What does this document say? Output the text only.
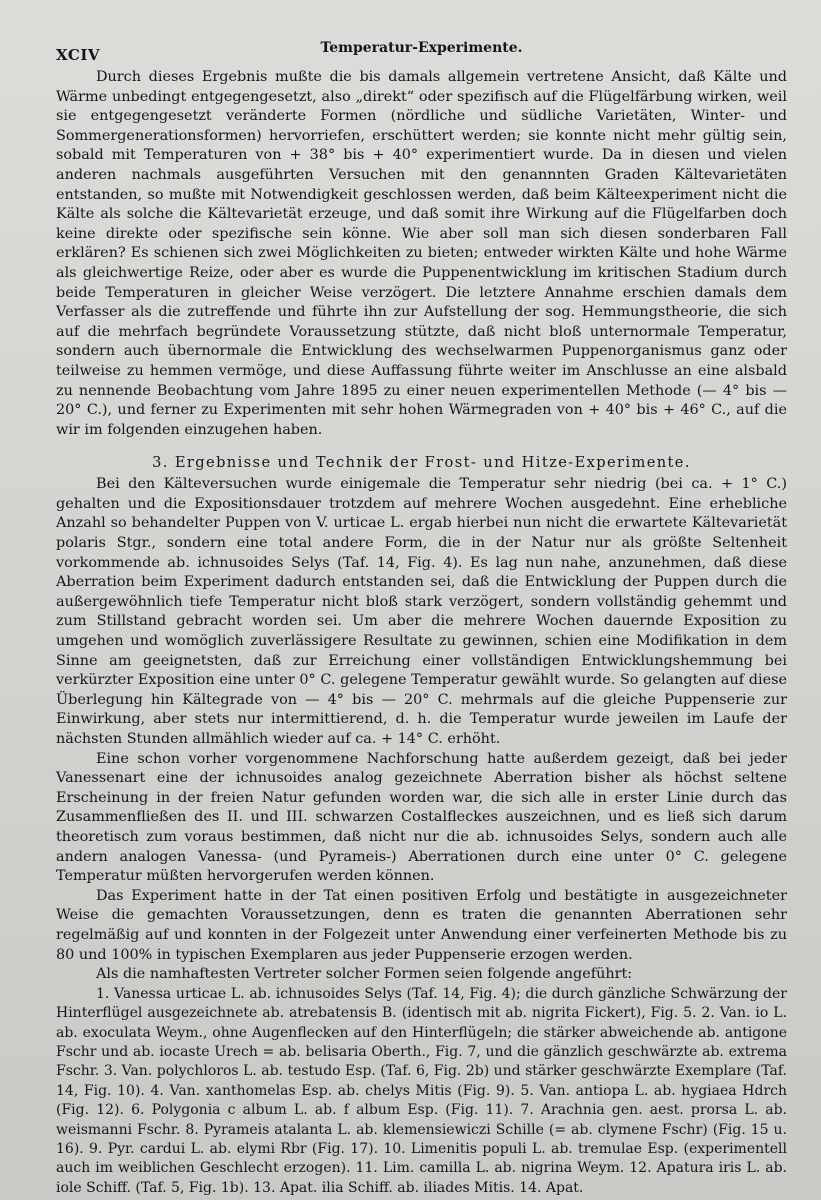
XCIV	Temperatur-Experimente.

Durch dieses Ergebnis mußte die bis damals allgemein vertretene Ansicht, daß Kälte und Wärme unbedingt entgegengesetzt, also „direkt“ oder spezifisch auf die Flügelfärbung wirken, weil sie entgegengesetzt veränderte Formen (nördliche und südliche Varietäten, Winter- und Sommergenerationsformen) hervorriefen, erschüttert werden; sie konnte nicht mehr gültig sein, sobald mit Temperaturen von + 38° bis + 40° experimentiert wurde. Da in diesen und vielen anderen nachmals ausgeführten Versuchen mit den genannnten Graden Kältevarietäten entstanden, so mußte mit Notwendigkeit geschlossen werden, daß beim Kälteexperiment nicht die Kälte als solche die Kältevarietät erzeuge, und daß somit ihre Wirkung auf die Flügelfarben doch keine direkte oder spezifische sein könne. Wie aber soll man sich diesen sonderbaren Fall erklären? Es schienen sich zwei Möglichkeiten zu bieten; entweder wirkten Kälte und hohe Wärme als gleichwertige Reize, oder aber es wurde die Puppenentwicklung im kritischen Stadium durch beide Temperaturen in gleicher Weise verzögert. Die letztere Annahme erschien damals dem Verfasser als die zutreffende und führte ihn zur Aufstellung der sog. Hemmungstheorie, die sich auf die mehrfach begründete Voraussetzung stützte, daß nicht bloß unternormale Temperatur, sondern auch übernormale die Entwicklung des wechselwarmen Puppenorganismus ganz oder teilweise zu hemmen vermöge, und diese Auffassung führte weiter im Anschlusse an eine alsbald zu nennende Beobachtung vom Jahre 1895 zu einer neuen experimentellen Methode (— 4° bis — 20° C.), und ferner zu Experimenten mit sehr hohen Wärmegraden von + 40° bis + 46° C., auf die wir im folgenden einzugehen haben.

3. Ergebnisse und Technik der Frost- und Hitze-Experimente.

Bei den Kälteversuchen wurde einigemale die Temperatur sehr niedrig (bei ca. + 1° C.) gehalten und die Expositionsdauer trotzdem auf mehrere Wochen ausgedehnt. Eine erhebliche Anzahl so behandelter Puppen von V. urticae L. ergab hierbei nun nicht die erwartete Kältevarietät polaris Stgr., sondern eine total andere Form, die in der Natur nur als größte Seltenheit vorkommende ab. ichnusoides Selys (Taf. 14, Fig. 4). Es lag nun nahe, anzunehmen, daß diese Aberration beim Experiment dadurch entstanden sei, daß die Entwicklung der Puppen durch die außergewöhnlich tiefe Temperatur nicht bloß stark verzögert, sondern vollständig gehemmt und zum Stillstand gebracht worden sei. Um aber die mehrere Wochen dauernde Exposition zu umgehen und womöglich zuverlässigere Resultate zu gewinnen, schien eine Modifikation in dem Sinne am geeignetsten, daß zur Erreichung einer vollständigen Entwicklungshemmung bei verkürzter Exposition eine unter 0° C. gelegene Temperatur gewählt wurde. So gelangten auf diese Überlegung hin Kältegrade von — 4° bis — 20° C. mehrmals auf die gleiche Puppenserie zur Einwirkung, aber stets nur intermittierend, d. h. die Temperatur wurde jeweilen im Laufe der nächsten Stunden allmählich wieder auf ca. + 14° C. erhöht.

Eine schon vorher vorgenommene Nachforschung hatte außerdem gezeigt, daß bei jeder Vanessenart eine der ichnusoides analog gezeichnete Aberration bisher als höchst seltene Erscheinung in der freien Natur gefunden worden war, die sich alle in erster Linie durch das Zusammenfließen des II. und III. schwarzen Costalfleckes auszeichnen, und es ließ sich darum theoretisch zum voraus bestimmen, daß nicht nur die ab. ichnusoides Selys, sondern auch alle andern analogen Vanessa- (und Pyrameis-) Aberrationen durch eine unter 0° C. gelegene Temperatur müßten hervorgerufen werden können.

Das Experiment hatte in der Tat einen positiven Erfolg und bestätigte in ausgezeichneter Weise die gemachten Voraussetzungen, denn es traten die genannten Aberrationen sehr regelmäßig auf und konnten in der Folgezeit unter Anwendung einer verfeinerten Methode bis zu 80 und 100% in typischen Exemplaren aus jeder Puppenserie erzogen werden.

Als die namhaftesten Vertreter solcher Formen seien folgende angeführt:

1. Vanessa urticae L. ab. ichnusoides Selys (Taf. 14, Fig. 4); die durch gänzliche Schwärzung der Hinterflügel ausgezeichnete ab. atrebatensis B. (identisch mit ab. nigrita Fickert), Fig. 5. 2. Van. io L. ab. exoculata Weym., ohne Augenflecken auf den Hinterflügeln; die stärker abweichende ab. antigone Fschr und ab. iocaste Urech = ab. belisaria Oberth., Fig. 7, und die gänzlich geschwärzte ab. extrema Fschr. 3. Van. polychloros L. ab. testudo Esp. (Taf. 6, Fig. 2b) und stärker geschwärzte Exemplare (Taf. 14, Fig. 10). 4. Van. xanthomelas Esp. ab. chelys Mitis (Fig. 9). 5. Van. antiopa L. ab. hygiaea Hdrch (Fig. 12). 6. Polygonia c album L. ab. f album Esp. (Fig. 11). 7. Arachnia gen. aest. prorsa L. ab. weismanni Fschr. 8. Pyrameis atalanta L. ab. klemensiewiczi Schille (= ab. clymene Fschr) (Fig. 15 u. 16). 9. Pyr. cardui L. ab. elymi Rbr (Fig. 17). 10. Limenitis populi L. ab. tremulae Esp. (experimentell auch im weiblichen Geschlecht erzogen). 11. Lim. camilla L. ab. nigrina Weym. 12. Apatura iris L. ab. iole Schiff. (Taf. 5, Fig. 1b). 13. Apat. ilia Schiff. ab. iliades Mitis. 14. Apat.
